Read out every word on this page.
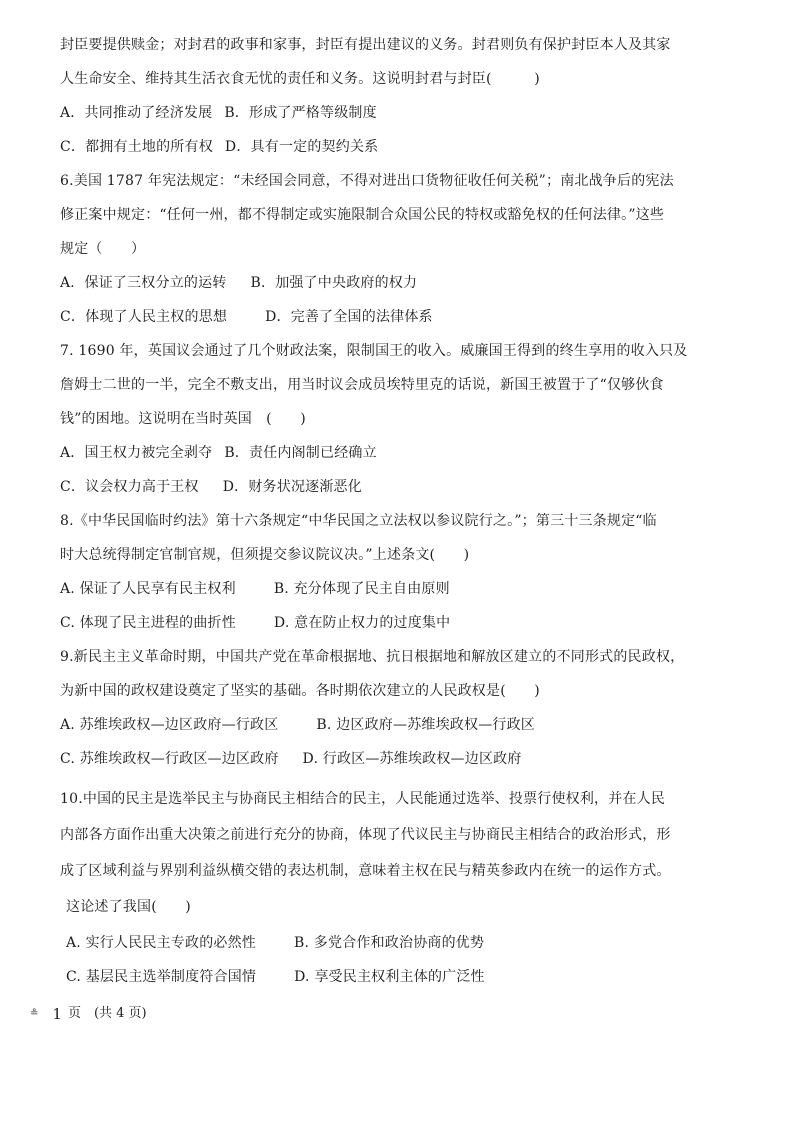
封臣要提供赎金；对封君的政事和家事，封臣有提出建议的义务。封君则负有保护封臣本人及其家
人生命安全、维持其生活衣食无忧的责任和义务。这说明封君与封臣(　　　)
A．共同推动了经济发展 B．形成了严格等级制度
C．都拥有土地的所有权 D．具有一定的契约关系
6.美国 1787 年宪法规定：“未经国会同意，不得对进出口货物征收任何关税”；南北战争后的宪法
修正案中规定：“任何一州，都不得制定或实施限制合众国公民的特权或豁免权的任何法律。”这些
规定（　　）
A．保证了三权分立的运转 B．加强了中央政府的权力
C．体现了人民主权的思想	D．完善了全国的法律体系
7. 1690 年，英国议会通过了几个财政法案，限制国王的收入。威廉国王得到的终生享用的收入只及
詹姆士二世的一半，完全不敷支出，用当时议会成员埃特里克的话说，新国王被置于了“仅够伙食
钱”的困地。这说明在当时英国　(　　)
A．国王权力被完全剥夺 B．责任内阁制已经确立
C．议会权力高于王权 D．财务状况逐渐恶化
8.《中华民国临时约法》第十六条规定“中华民国之立法权以参议院行之。”；第三十三条规定“临
时大总统得制定官制官规，但须提交参议院议决。”上述条文(　　)
A. 保证了人民享有民主权利	B. 充分体现了民主自由原则
C. 体现了民主进程的曲折性	D. 意在防止权力的过度集中
9.新民主主义革命时期，中国共产党在革命根据地、抗日根据地和解放区建立的不同形式的民政权，
为新中国的政权建设奠定了坚实的基础。各时期依次建立的人民政权是(　　)
A. 苏维埃政权—边区政府—行政区	B. 边区政府—苏维埃政权—行政区
C. 苏维埃政权—行政区—边区政府 D. 行政区—苏维埃政权—边区政府
10.中国的民主是选举民主与协商民主相结合的民主，人民能通过选举、投票行使权利，并在人民
内部各方面作出重大决策之前进行充分的协商，体现了代议民主与协商民主相结合的政治形式，形
成了区域利益与界别利益纵横交错的表达机制，意味着主权在民与精英参政内在统一的运作方式。
这论述了我国(　　)
A. 实行人民民主专政的必然性	B. 多党合作和政治协商的优势
C. 基层民主选举制度符合国情	D. 享受民主权利主体的广泛性
≗ 1 页　(共 4 页)
